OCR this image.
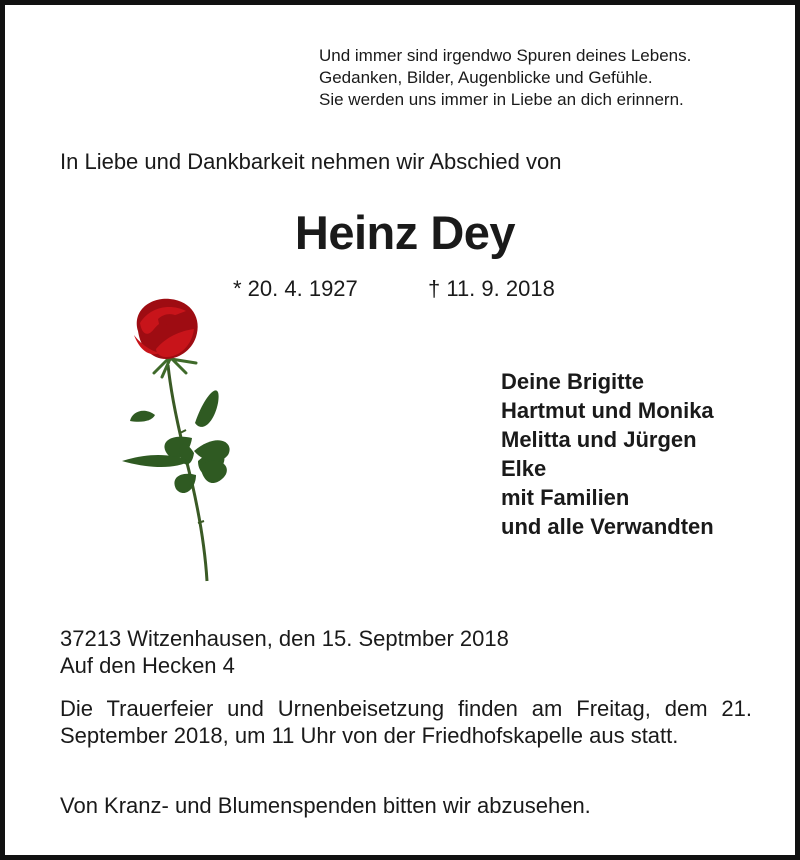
Und immer sind irgendwo Spuren deines Lebens.
Gedanken, Bilder, Augenblicke und Gefühle.
Sie werden uns immer in Liebe an dich erinnern.
In Liebe und Dankbarkeit nehmen wir Abschied von
Heinz Dey
* 20. 4. 1927	† 11. 9. 2018
Deine Brigitte
Hartmut und Monika
Melitta und Jürgen
Elke
mit Familien
und alle Verwandten
37213 Witzenhausen, den 15. Septmber 2018
Auf den Hecken 4
Die Trauerfeier und Urnenbeisetzung finden am Freitag, dem 21. September 2018, um 11 Uhr von der Friedhofskapelle aus statt.
Von Kranz- und Blumenspenden bitten wir abzusehen.
